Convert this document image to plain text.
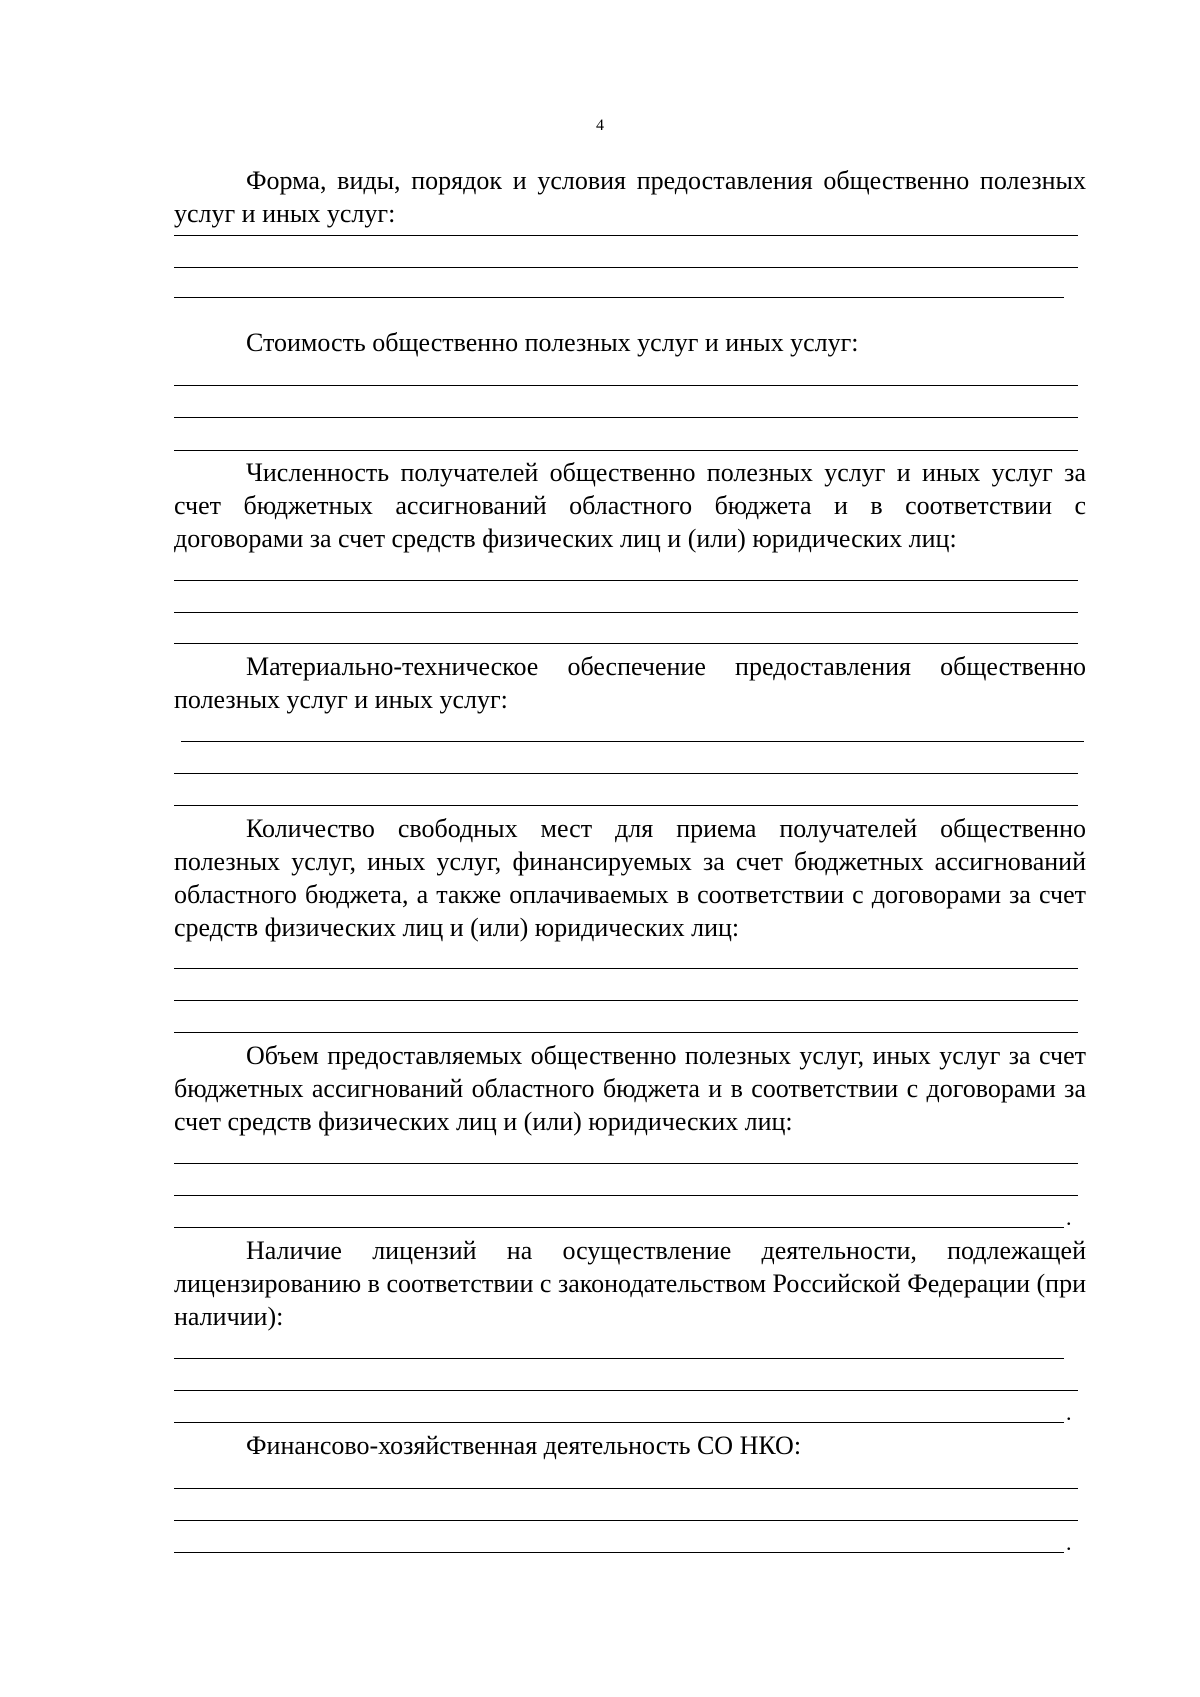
4

Форма, виды, порядок и условия предоставления общественно полезных услуг и иных услуг:

Стоимость общественно полезных услуг и иных услуг:

Численность получателей общественно полезных услуг и иных услуг за счет бюджетных ассигнований областного бюджета и в соответствии с договорами за счет средств физических лиц и (или) юридических лиц:

Материально-техническое обеспечение предоставления общественно полезных услуг и иных услуг:

Количество свободных мест для приема получателей общественно полезных услуг, иных услуг, финансируемых за счет бюджетных ассигнований областного бюджета, а также оплачиваемых в соответствии с договорами за счет средств физических лиц и (или) юридических лиц:

Объем предоставляемых общественно полезных услуг, иных услуг за счет бюджетных ассигнований областного бюджета и в соответствии с договорами за счет средств физических лиц и (или) юридических лиц:

.

Наличие лицензий на осуществление деятельности, подлежащей лицензированию в соответствии с законодательством Российской Федерации (при наличии):

.

Финансово-хозяйственная деятельность СО НКО:

.
